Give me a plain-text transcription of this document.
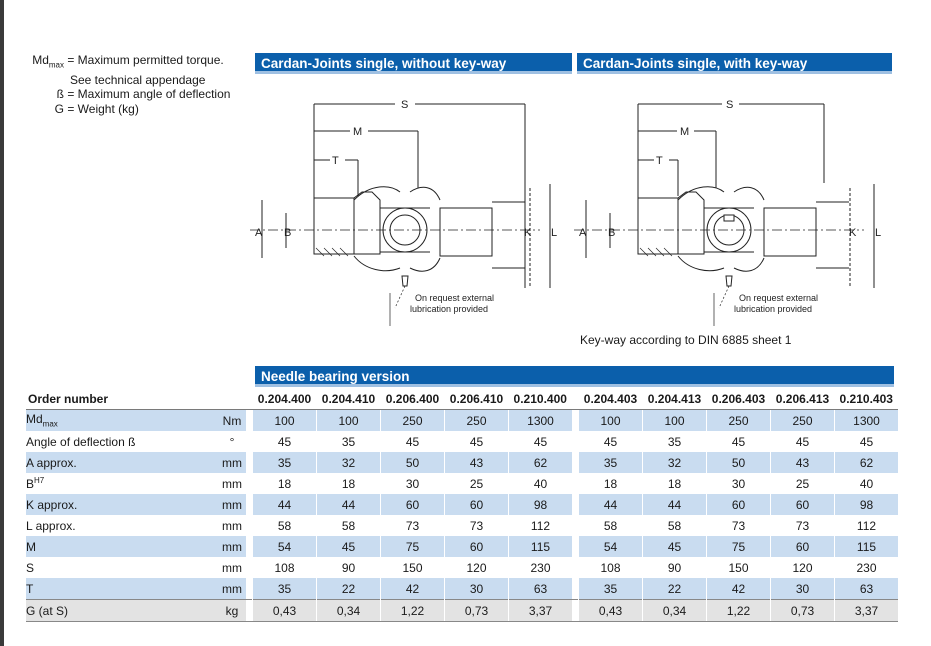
$Md_{max}$ = Maximum permitted torque.
See technical appendage
ß = Maximum angle of deflection
G = Weight (kg)
Cardan-Joints single, without key-way	Cardan-Joints single, with key-way
S
M
T
A B	K L
On request external
lubrication provided
S
M
T
A B	K L
On request external
lubrication provided
Key-way according to DIN 6885 sheet 1
Needle bearing version
Order number			0.204.400	0.204.410	0.206.400	0.206.410	0.210.400		0.204.403	0.204.413	0.206.403	0.206.413	0.210.403
$Md_{max}$	Nm		100	100	250	250	1300		100	100	250	250	1300
Angle of deflection ß	°		45	35	45	45	45		45	35	45	45	45
A approx.	mm		35	32	50	43	62		35	32	50	43	62
$B^{H7}$	mm		18	18	30	25	40		18	18	30	25	40
K approx.	mm		44	44	60	60	98		44	44	60	60	98
L approx.	mm		58	58	73	73	112		58	58	73	73	112
M	mm		54	45	75	60	115		54	45	75	60	115
S	mm		108	90	150	120	230		108	90	150	120	230
T	mm		35	22	42	30	63		35	22	42	30	63
G (at S)	kg		0,43	0,34	1,22	0,73	3,37		0,43	0,34	1,22	0,73	3,37
